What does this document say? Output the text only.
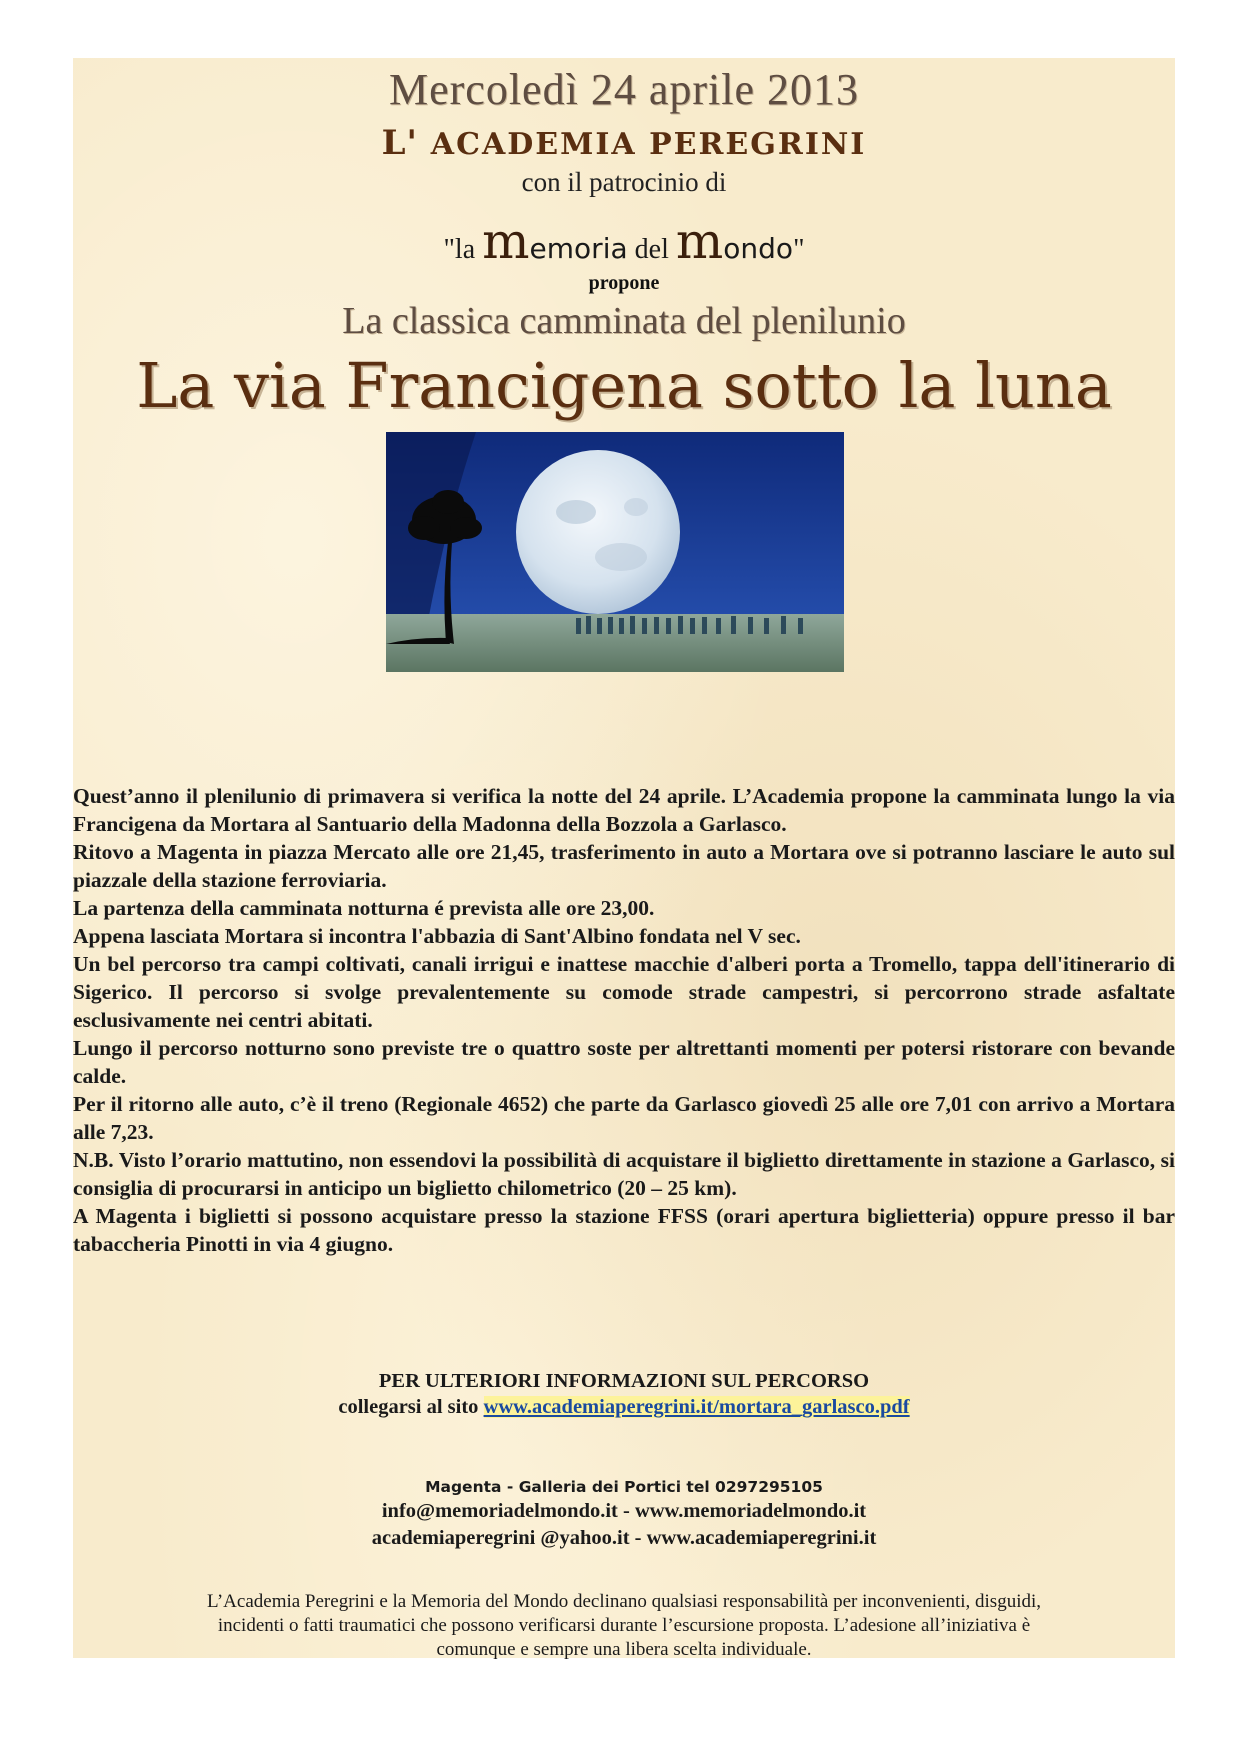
Mercoledì 24 aprile 2013
L' ACADEMIA PEREGRINI
con il patrocinio di
"la memoria del mondo"
propone
La classica camminata del plenilunio
La via Francigena sotto la luna

Quest’anno il plenilunio di primavera si verifica la notte del 24 aprile. L’Academia propone la camminata lungo la via Francigena da Mortara al Santuario della Madonna della Bozzola a Garlasco.

Ritovo a Magenta in piazza Mercato alle ore 21,45, trasferimento in auto a Mortara ove si potranno lasciare le auto sul piazzale della stazione ferroviaria.

La partenza della camminata notturna é prevista alle ore 23,00.

Appena lasciata Mortara si incontra l'abbazia di Sant'Albino fondata nel V sec.

Un bel percorso tra campi coltivati, canali irrigui e inattese macchie d'alberi porta a Tromello, tappa dell'itinerario di Sigerico. Il percorso si svolge prevalentemente su comode strade campestri, si percorrono strade asfaltate esclusivamente nei centri abitati.

Lungo il percorso notturno sono previste tre o quattro soste per altrettanti momenti per potersi ristorare con bevande calde.

Per il ritorno alle auto, c’è il treno (Regionale 4652) che parte da Garlasco giovedì 25 alle ore 7,01 con arrivo a Mortara alle 7,23.

N.B. Visto l’orario mattutino, non essendovi la possibilità di acquistare il biglietto direttamente in stazione a Garlasco, si consiglia di procurarsi in anticipo un biglietto chilometrico (20 – 25 km).

A Magenta i biglietti si possono acquistare presso la stazione FFSS (orari apertura biglietteria) oppure presso il bar tabaccheria Pinotti in via 4 giugno.

PER ULTERIORI INFORMAZIONI SUL PERCORSO
collegarsi al sito www.academiaperegrini.it/mortara_garlasco.pdf
Magenta - Galleria dei Portici tel 0297295105
info@memoriadelmondo.it - www.memoriadelmondo.it
academiaperegrini @yahoo.it - www.academiaperegrini.it
L’Academia Peregrini e la Memoria del Mondo declinano qualsiasi responsabilità per inconvenienti, disguidi,
incidenti o fatti traumatici che possono verificarsi durante l’escursione proposta. L’adesione all’iniziativa è
comunque e sempre una libera scelta individuale.
